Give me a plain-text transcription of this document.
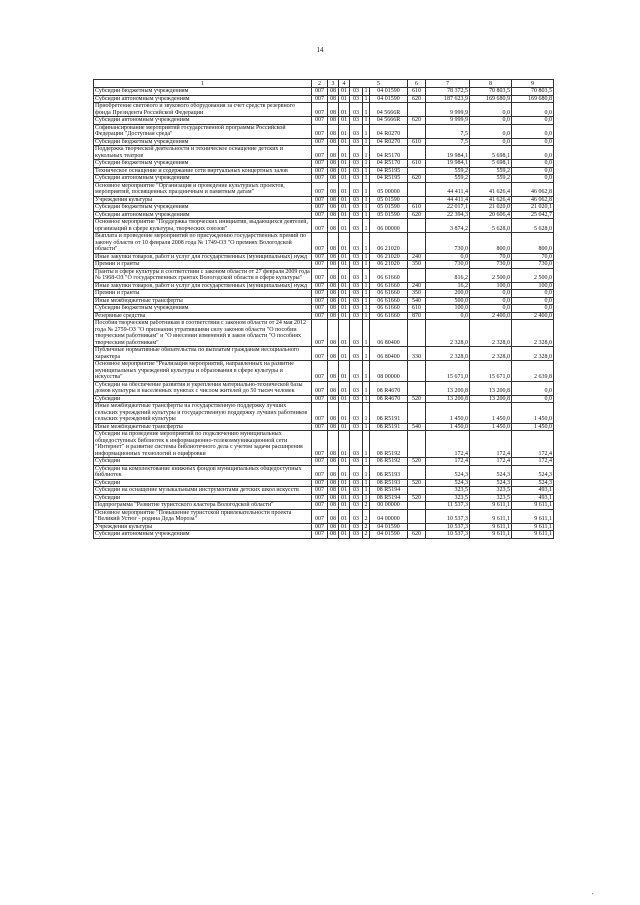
14
1	2	3	4	5			6	7	8	9
Субсидии бюджетным учреждениям	007	08	01	03	1	04 01590	610	78 372,5	70 803,5	70 803,5
Субсидии автономным учреждениям	007	08	01	03	1	04 01590	620	187 623,9	169 680,9	169 680,8
Приобретение светового и звукового оборудования за счет средств резервного фонда Президента Российской Федерации	007	08	01	03	1	04 5666R		9 999,9	0,0	0,0
Субсидии автономным учреждениям	007	08	01	03	1	04 5666R	620	9 999,9	0,0	0,0
Софинансирование мероприятий государственной программы Российской Федерации "Доступная среда"	007	08	01	03	1	04 R0270		7,5	0,0	0,0
Субсидии бюджетным учреждениям	007	08	01	03	1	04 R0270	610	7,5	0,0	0,0
Поддержка творческой деятельности и техническое оснащение детских и кукольных театров	007	08	01	03	1	04 R5170		19 984,1	5 698,1	0,0
Субсидии бюджетным учреждениям	007	08	01	03	1	04 R5170	610	19 984,1	5 698,1	0,0
Техническое оснащение и содержание сети виртуальных концертных залов	007	08	01	03	1	04 R5195		559,2	559,2	0,0
Субсидии автономным учреждениям	007	08	01	03	1	04 R5195	620	559,2	559,2	0,0
Основное мероприятие "Организация и проведение культурных проектов, мероприятий, посвященных праздничным и памятным датам"	007	08	01	03	1	05 00000		44 411,4	41 626,4	46 062,8
Учреждения культуры	007	08	01	03	1	05 01590		44 411,4	41 626,4	46 062,8
Субсидии бюджетным учреждениям	007	08	01	03	1	05 01590	610	22 017,1	21 020,0	21 020,1
Субсидии автономным учреждениям	007	08	01	03	1	05 01590	620	22 394,3	20 606,4	25 042,7
Основное мероприятие "Поддержка творческих инициатив, выдающихся деятелей, организаций в сфере культуры, творческих союзов"	007	08	01	03	1	06 00000		3 874,2	5 628,0	5 628,0
Выплата и проведение мероприятий по присуждению государственных премий по закону области от 10 февраля 2008 года № 1749-ОЗ "О премиях Вологодской области"	007	08	01	03	1	06 21020		730,0	800,0	800,0
Иные закупки товаров, работ и услуг для государственных (муниципальных) нужд	007	08	01	03	1	06 21020	240	0,0	70,0	70,0
Премии и гранты	007	08	01	03	1	06 21020	350	730,0	730,0	730,0
Гранты в сфере культуры в соответствии с законом области от 27 февраля 2009 года № 1968-ОЗ "О государственных грантах Вологодской области в сфере культуры"	007	08	01	03	1	06 61660		816,2	2 500,0	2 500,0
Иные закупки товаров, работ и услуг для государственных (муниципальных) нужд	007	08	01	03	1	06 61660	240	16,2	100,0	100,0
Премии и гранты	007	08	01	03	1	06 61660	350	200,0	0,0	0,0
Иные межбюджетные трансферты	007	08	01	03	1	06 61660	540	500,0	0,0	0,0
Субсидии бюджетным учреждениям	007	08	01	03	1	06 61660	610	100,0	0,0	0,0
Резервные средства	007	08	01	03	1	06 61660	870	0,0	2 400,0	2 400,0
Пособия творческим работникам в соответствии с законом области от 24 мая 2012 года № 2759-ОЗ "О признании утратившими силу законов области "О пособии творческим работникам" и "О внесении изменений в закон области "О пособиях творческим работникам"	007	08	01	03	1	06 80400		2 328,0	2 328,0	2 328,0
Публичные нормативные обязательства по выплатам гражданам несоциального характера	007	08	01	03	1	06 80400	330	2 328,0	2 328,0	2 328,0
Основное мероприятие "Реализация мероприятий, направленных на развитие муниципальных учреждений культуры и образования в сфере культуры и искусства"	007	08	01	03	1	08 00000		15 671,0	15 671,0	2 639,8
Субсидии на обеспечение развития и укрепления материально-технической базы домов культуры в населенных пунктах с числом жителей до 50 тысяч человек	007	08	01	03	1	08 R4670		13 200,8	13 200,8	0,0
Субсидии	007	08	01	03	1	08 R4670	520	13 200,8	13 200,8	0,0
Иные межбюджетные трансферты на государственную поддержку лучших сельских учреждений культуры и государственную поддержку лучших работников сельских учреждений культуры	007	08	01	03	1	08 R5191		1 450,0	1 450,0	1 450,0
Иные межбюджетные трансферты	007	08	01	03	1	08 R5191	540	1 450,0	1 450,0	1 450,0
Субсидии на проведение мероприятий по подключению муниципальных общедоступных библиотек к информационно-телекоммуникационной сети "Интернет" и развитие системы библиотечного дела с учетом задачи расширения информационных технологий и оцифровки	007	08	01	03	1	08 R5192		172,4	172,4	172,4
Субсидии	007	08	01	03	1	08 R5192	520	172,4	172,4	172,4
Субсидии на комплектование книжных фондов муниципальных общедоступных библиотек	007	08	01	03	1	08 R5193		524,3	524,3	524,3
Субсидии	007	08	01	03	1	08 R5193	520	524,3	524,3	524,3
Субсидии на оснащение музыкальными инструментами детских школ искусств	007	08	01	03	1	08 R5194		323,5	323,5	493,1
Субсидии	007	08	01	03	1	08 R5194	520	323,5	323,5	493,1
Подпрограмма "Развитие туристского кластера Вологодской области"	007	08	01	03	2	00 00000		11 537,3	9 611,1	9 611,1
Основное мероприятие "Повышение туристской привлекательности проекта "Великий Устюг - родина Деда Мороза"	007	08	01	03	2	04 00000		10 537,3	9 611,1	9 611,1
Учреждения культуры	007	08	01	03	2	04 01590		10 537,3	9 611,1	9 611,1
Субсидии автономным учреждениям	007	08	01	03	2	04 01590	620	10 537,3	9 611,1	9 611,1
'
